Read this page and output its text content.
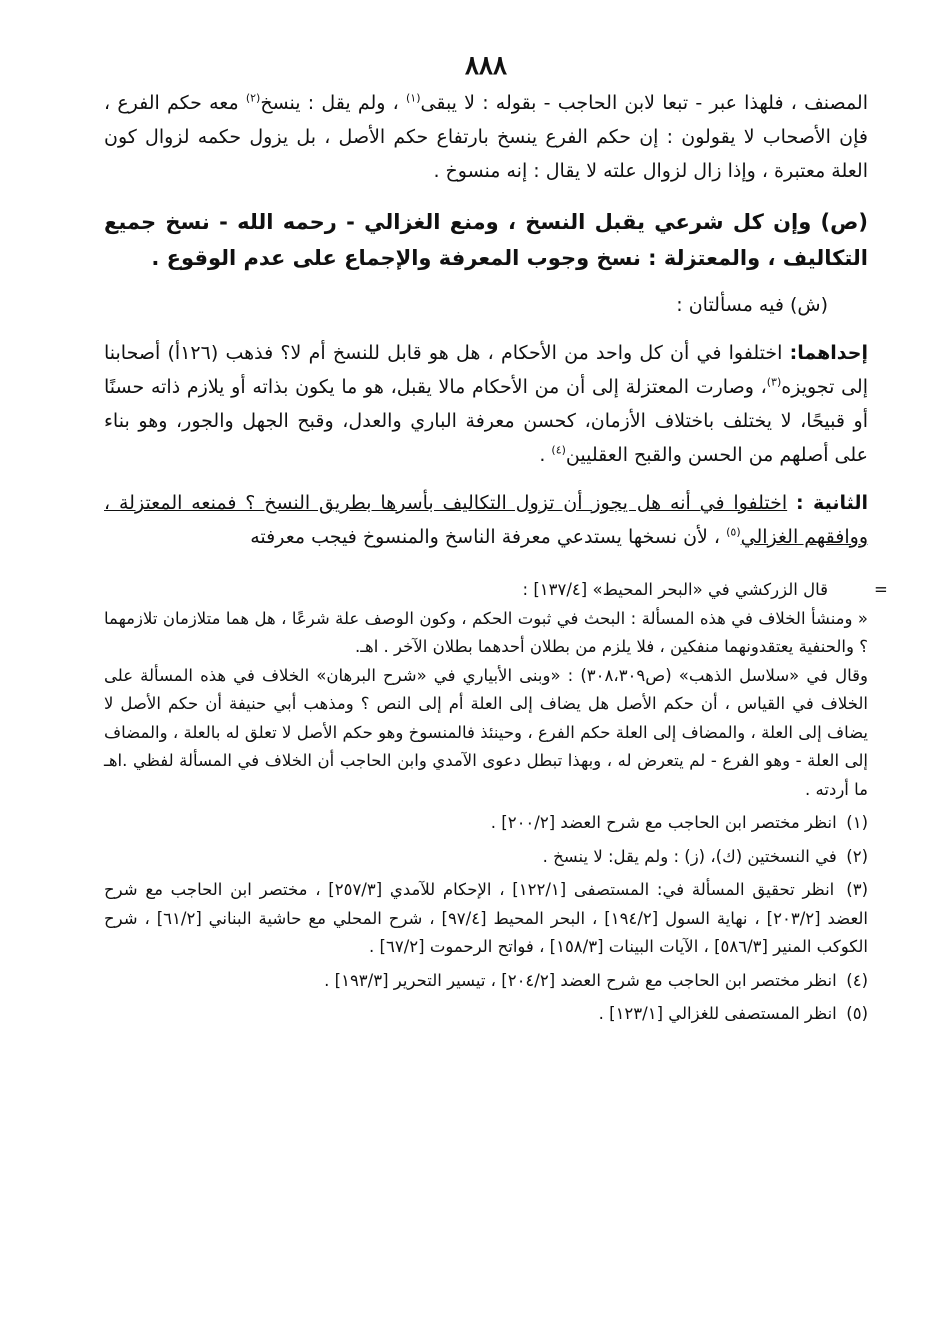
٨٨٨

المصنف ، فلهذا عبر - تبعا لابن الحاجب - بقوله : لا يبقى$^{(١)}$ ، ولم يقل : ينسخ$^{(٢)}$ معه حكم الفرع ، فإن الأصحاب لا يقولون : إن حكم الفرع ينسخ بارتفاع حكم الأصل ، بل يزول حكمه لزوال كون العلة معتبرة ، وإذا زال لزوال علته لا يقال : إنه منسوخ .

(ص) وإن كل شرعي يقبل النسخ ، ومنع الغزالي - رحمه الله - نسخ جميع التكاليف ، والمعتزلة : نسخ وجوب المعرفة والإجماع على عدم الوقوع .

(ش) فيه مسألتان :

إحداهما: اختلفوا في أن كل واحد من الأحكام ، هل هو قابل للنسخ أم لا؟ فذهب (١٢٦أ) أصحابنا إلى تجويزه$^{(٣)}$، وصارت المعتزلة إلى أن من الأحكام مالا يقبل، هو ما يكون بذاته أو يلازم ذاته حسنًا أو قبيحًا، لا يختلف باختلاف الأزمان، كحسن معرفة الباري والعدل، وقبح الجهل والجور، وهو بناء على أصلهم من الحسن والقبح العقليين$^{(٤)}$ .

الثانية : اختلفوا في أنه هل يجوز أن تزول التكاليف بأسرها بطريق النسخ ؟ فمنعه المعتزلة ، ووافقهم الغزالي$^{(٥)}$ ، لأن نسخها يستدعي معرفة الناسخ والمنسوخ فيجب معرفته

قال الزركشي في «البحر المحيط» [١٣٧/٤] :	=
« ومنشأ الخلاف في هذه المسألة : البحث في ثبوت الحكم ، وكون الوصف علة شرعًا ، هل هما متلازمان تلازمهما ؟ والحنفية يعتقدونهما منفكين ، فلا يلزم من بطلان أحدهما بطلان الآخر . اهـ.
وقال في «سلاسل الذهب» (ص٣٠٨،٣٠٩) : «وبنى الأبياري في «شرح البرهان» الخلاف في هذه المسألة على الخلاف في القياس ، أن حكم الأصل هل يضاف إلى العلة أم إلى النص ؟ ومذهب أبي حنيفة أن حكم الأصل لا يضاف إلى العلة ، والمضاف إلى العلة حكم الفرع ، وحينئذ فالمنسوخ وهو حكم الأصل لا تعلق له بالعلة ، والمضاف إلى العلة - وهو الفرع - لم يتعرض له ، وبهذا تبطل دعوى الآمدي وابن الحاجب أن الخلاف في المسألة لفظي .اهـ ما أردته .
(١) انظر مختصر ابن الحاجب مع شرح العضد [٢٠٠/٢] .
(٢) في النسختين (ك)، (ز) : ولم يقل: لا ينسخ .
(٣) انظر تحقيق المسألة في: المستصفى [١٢٢/١] ، الإحكام للآمدي [٢٥٧/٣] ، مختصر ابن الحاجب مع شرح العضد [٢٠٣/٢] ، نهاية السول [١٩٤/٢] ، البحر المحيط [٩٧/٤] ، شرح المحلي مع حاشية البناني [٦١/٢] ، شرح الكوكب المنير [٥٨٦/٣] ، الآيات البينات [١٥٨/٣] ، فواتح الرحموت [٦٧/٢] .
(٤) انظر مختصر ابن الحاجب مع شرح العضد [٢٠٤/٢] ، تيسير التحرير [١٩٣/٣] .
(٥) انظر المستصفى للغزالي [١٢٣/١] .
